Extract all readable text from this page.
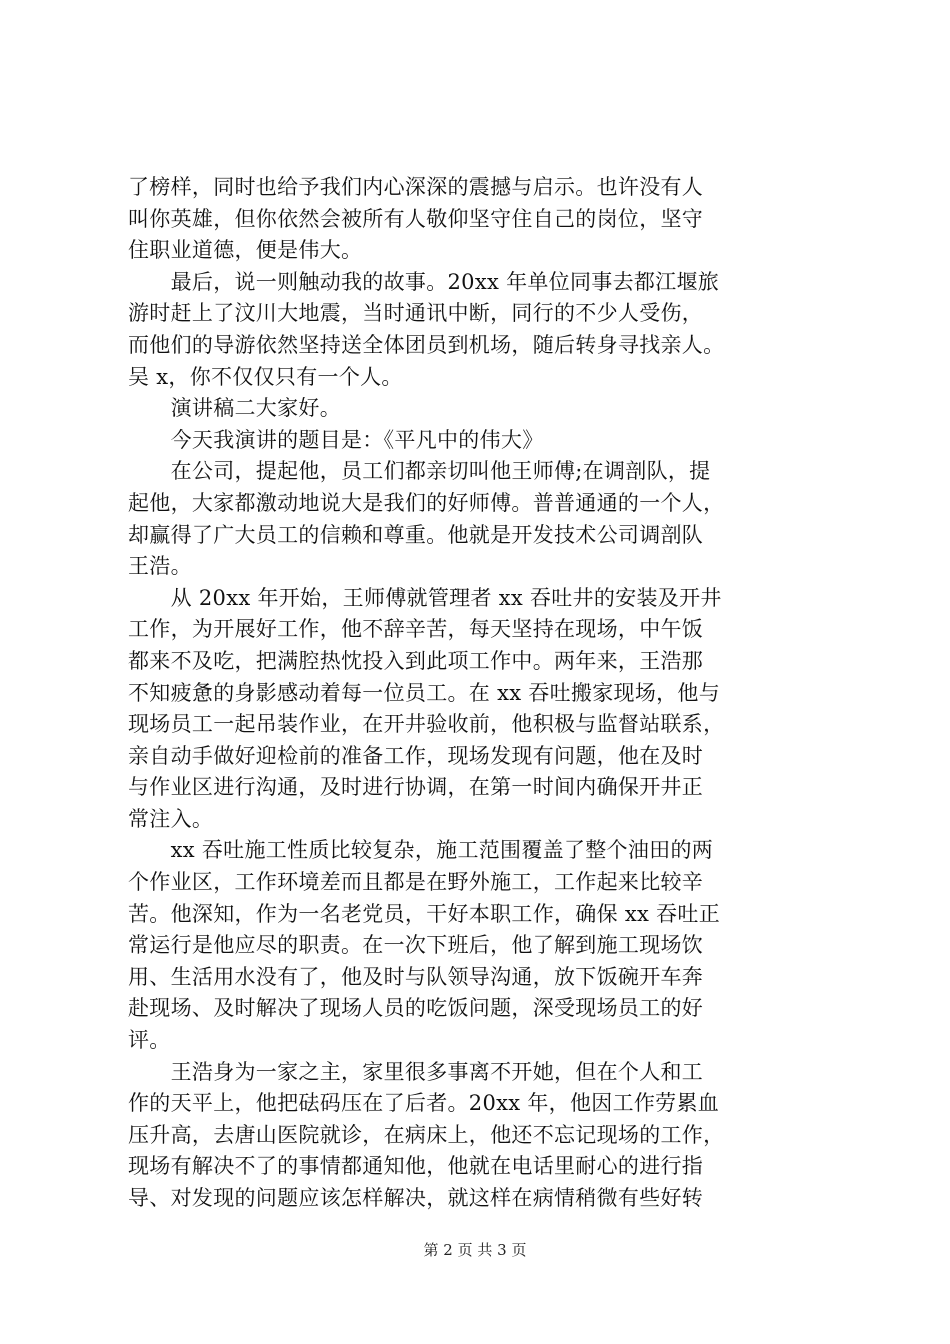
了榜样，同时也给予我们内心深深的震撼与启示。也许没有人
叫你英雄，但你依然会被所有人敬仰坚守住自己的岗位，坚守
住职业道德，便是伟大。
　　最后，说一则触动我的故事。20xx 年单位同事去都江堰旅
游时赶上了汶川大地震，当时通讯中断，同行的不少人受伤，
而他们的导游依然坚持送全体团员到机场，随后转身寻找亲人。
吴 x，你不仅仅只有一个人。
　　演讲稿二大家好。
　　今天我演讲的题目是：《平凡中的伟大》
　　在公司，提起他，员工们都亲切叫他王师傅;在调剖队，提
起他，大家都激动地说大是我们的好师傅。普普通通的一个人，
却赢得了广大员工的信赖和尊重。他就是开发技术公司调剖队
王浩。
　　从 20xx 年开始，王师傅就管理者 xx 吞吐井的安装及开井
工作，为开展好工作，他不辞辛苦，每天坚持在现场，中午饭
都来不及吃，把满腔热忱投入到此项工作中。两年来，王浩那
不知疲惫的身影感动着每一位员工。在 xx 吞吐搬家现场，他与
现场员工一起吊装作业，在开井验收前，他积极与监督站联系，
亲自动手做好迎检前的准备工作，现场发现有问题，他在及时
与作业区进行沟通，及时进行协调，在第一时间内确保开井正
常注入。
　　xx 吞吐施工性质比较复杂，施工范围覆盖了整个油田的两
个作业区，工作环境差而且都是在野外施工，工作起来比较辛
苦。他深知，作为一名老党员，干好本职工作，确保 xx 吞吐正
常运行是他应尽的职责。在一次下班后，他了解到施工现场饮
用、生活用水没有了，他及时与队领导沟通，放下饭碗开车奔
赴现场、及时解决了现场人员的吃饭问题，深受现场员工的好
评。
　　王浩身为一家之主，家里很多事离不开她，但在个人和工
作的天平上，他把砝码压在了后者。20xx 年，他因工作劳累血
压升高，去唐山医院就诊，在病床上，他还不忘记现场的工作，
现场有解决不了的事情都通知他，他就在电话里耐心的进行指
导、对发现的问题应该怎样解决，就这样在病情稍微有些好转
第 2 页 共 3 页
